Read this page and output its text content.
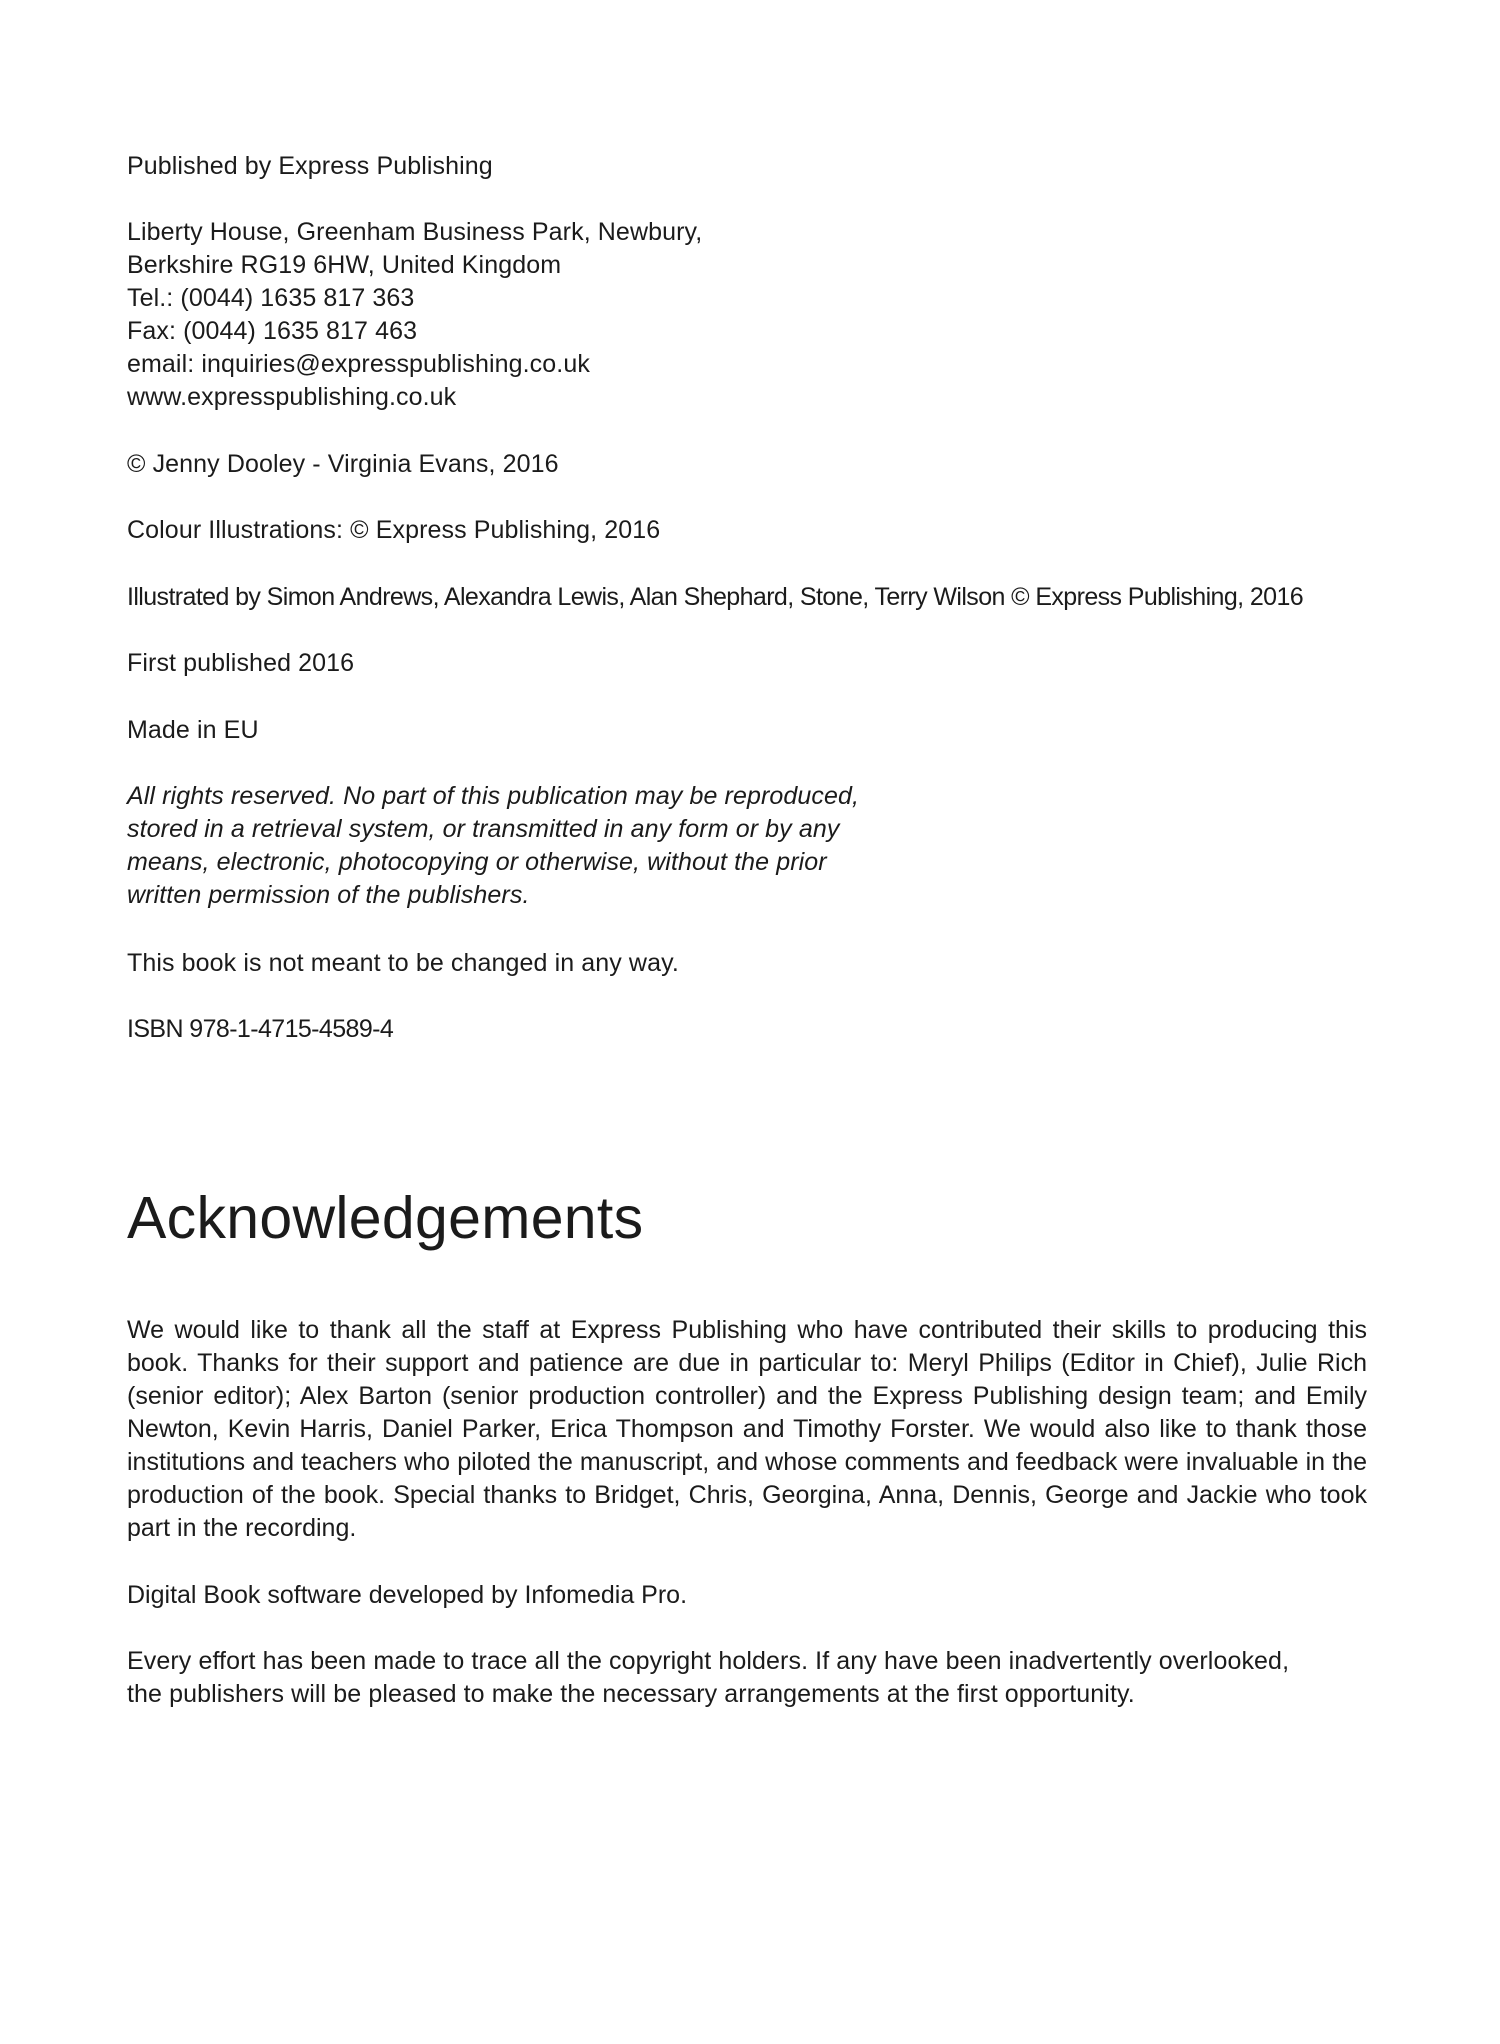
Published by Express Publishing
Liberty House, Greenham Business Park, Newbury,
Berkshire RG19 6HW, United Kingdom
Tel.: (0044) 1635 817 363
Fax: (0044) 1635 817 463
email: inquiries@expresspublishing.co.uk
www.expresspublishing.co.uk
© Jenny Dooley - Virginia Evans, 2016
Colour Illustrations: © Express Publishing, 2016
Illustrated by Simon Andrews, Alexandra Lewis, Alan Shephard, Stone, Terry Wilson © Express Publishing, 2016
First published 2016
Made in EU
All rights reserved. No part of this publication may be reproduced,
stored in a retrieval system, or transmitted in any form or by any
means, electronic, photocopying or otherwise, without the prior
written permission of the publishers.
This book is not meant to be changed in any way.
ISBN 978-1-4715-4589-4
Acknowledgements

We would like to thank all the staff at Express Publishing who have contributed their skills to producing this book. Thanks for their support and patience are due in particular to: Meryl Philips (Editor in Chief), Julie Rich (senior editor); Alex Barton (senior production controller) and the Express Publishing design team; and Emily Newton, Kevin Harris, Daniel Parker, Erica Thompson and Timothy Forster. We would also like to thank those institutions and teachers who piloted the manuscript, and whose comments and feedback were invaluable in the production of the book. Special thanks to Bridget, Chris, Georgina, Anna, Dennis, George and Jackie who took part in the recording.

Digital Book software developed by Infomedia Pro.

Every effort has been made to trace all the copyright holders. If any have been inadvertently overlooked,
the publishers will be pleased to make the necessary arrangements at the first opportunity.
